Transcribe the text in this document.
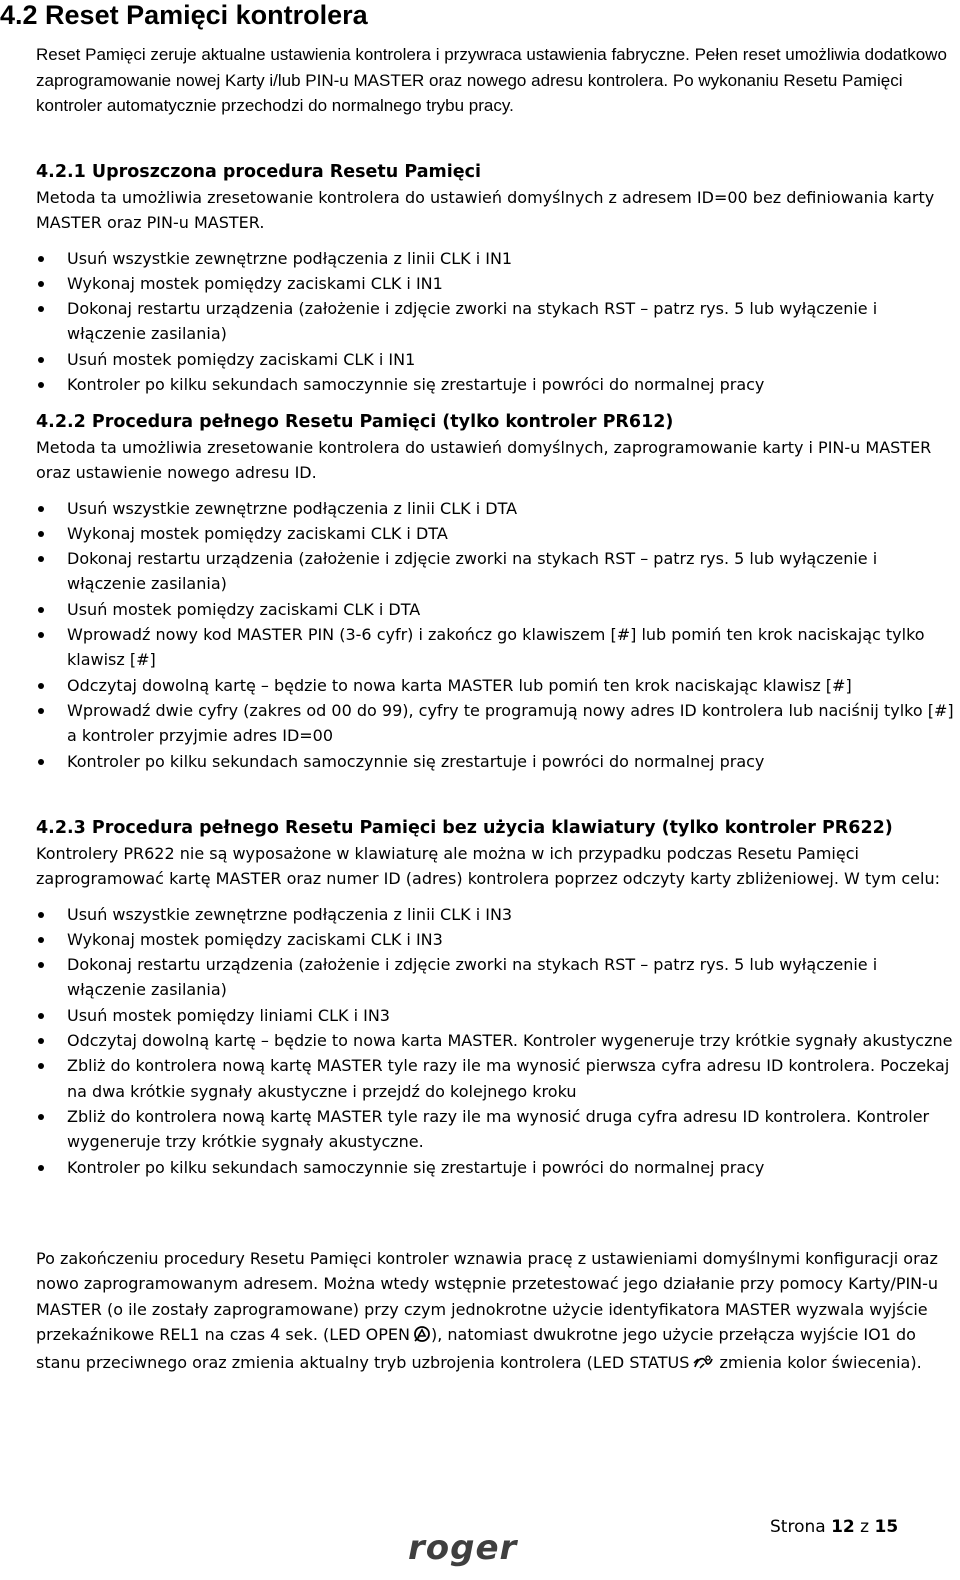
4.2 Reset Pamięci kontrolera

Reset Pamięci zeruje aktualne ustawienia kontrolera i przywraca ustawienia fabryczne. Pełen reset umożliwia dodatkowo zaprogramowanie nowej Karty i/lub PIN-u MASTER oraz nowego adresu kontrolera. Po wykonaniu Resetu Pamięci kontroler automatycznie przechodzi do normalnego trybu pracy.

4.2.1 Uproszczona procedura Resetu Pamięci

Metoda ta umożliwia zresetowanie kontrolera do ustawień domyślnych z adresem ID=00 bez definiowania karty MASTER oraz PIN-u MASTER.

Usuń wszystkie zewnętrzne podłączenia z linii CLK i IN1
Wykonaj mostek pomiędzy zaciskami CLK i IN1
Dokonaj restartu urządzenia (założenie i zdjęcie zworki na stykach RST – patrz rys. 5 lub wyłączenie i włączenie zasilania)
Usuń mostek pomiędzy zaciskami CLK i IN1
Kontroler po kilku sekundach samoczynnie się zrestartuje i powróci do normalnej pracy
4.2.2 Procedura pełnego Resetu Pamięci (tylko kontroler PR612)

Metoda ta umożliwia zresetowanie kontrolera do ustawień domyślnych, zaprogramowanie karty i PIN-u MASTER oraz ustawienie nowego adresu ID.

Usuń wszystkie zewnętrzne podłączenia z linii CLK i DTA
Wykonaj mostek pomiędzy zaciskami CLK i DTA
Dokonaj restartu urządzenia (założenie i zdjęcie zworki na stykach RST – patrz rys. 5 lub wyłączenie i włączenie zasilania)
Usuń mostek pomiędzy zaciskami CLK i DTA
Wprowadź nowy kod MASTER PIN (3-6 cyfr) i zakończ go klawiszem [#] lub pomiń ten krok naciskając tylko klawisz [#]
Odczytaj dowolną kartę – będzie to nowa karta MASTER lub pomiń ten krok naciskając klawisz [#]
Wprowadź dwie cyfry (zakres od 00 do 99), cyfry te programują nowy adres ID kontrolera lub naciśnij tylko [#] a kontroler przyjmie adres ID=00
Kontroler po kilku sekundach samoczynnie się zrestartuje i powróci do normalnej pracy
4.2.3 Procedura pełnego Resetu Pamięci bez użycia klawiatury (tylko kontroler PR622)

Kontrolery PR622 nie są wyposażone w klawiaturę ale można w ich przypadku podczas Resetu Pamięci zaprogramować kartę MASTER oraz numer ID (adres) kontrolera poprzez odczyty karty zbliżeniowej. W tym celu:

Usuń wszystkie zewnętrzne podłączenia z linii CLK i IN3
Wykonaj mostek pomiędzy zaciskami CLK i IN3
Dokonaj restartu urządzenia (założenie i zdjęcie zworki na stykach RST – patrz rys. 5 lub wyłączenie i włączenie zasilania)
Usuń mostek pomiędzy liniami CLK i IN3
Odczytaj dowolną kartę – będzie to nowa karta MASTER. Kontroler wygeneruje trzy krótkie sygnały akustyczne
Zbliż do kontrolera nową kartę MASTER tyle razy ile ma wynosić pierwsza cyfra adresu ID kontrolera. Poczekaj na dwa krótkie sygnały akustyczne i przejdź do kolejnego kroku
Zbliż do kontrolera nową kartę MASTER tyle razy ile ma wynosić druga cyfra adresu ID kontrolera. Kontroler wygeneruje trzy krótkie sygnały akustyczne.
Kontroler po kilku sekundach samoczynnie się zrestartuje i powróci do normalnej pracy

Po zakończeniu procedury Resetu Pamięci kontroler wznawia pracę z ustawieniami domyślnymi konfiguracji oraz nowo zaprogramowanym adresem. Można wtedy wstępnie przetestować jego działanie przy pomocy Karty/PIN-u MASTER (o ile zostały zaprogramowane) przy czym jednokrotne użycie identyfikatora MASTER wyzwala wyjście przekaźnikowe REL1 na czas 4 sek. (LED OPEN ), natomiast dwukrotne jego użycie przełącza wyjście IO1 do stanu przeciwnego oraz zmienia aktualny tryb uzbrojenia kontrolera (LED STATUS zmienia kolor świecenia).

Strona 12 z 15
roger
